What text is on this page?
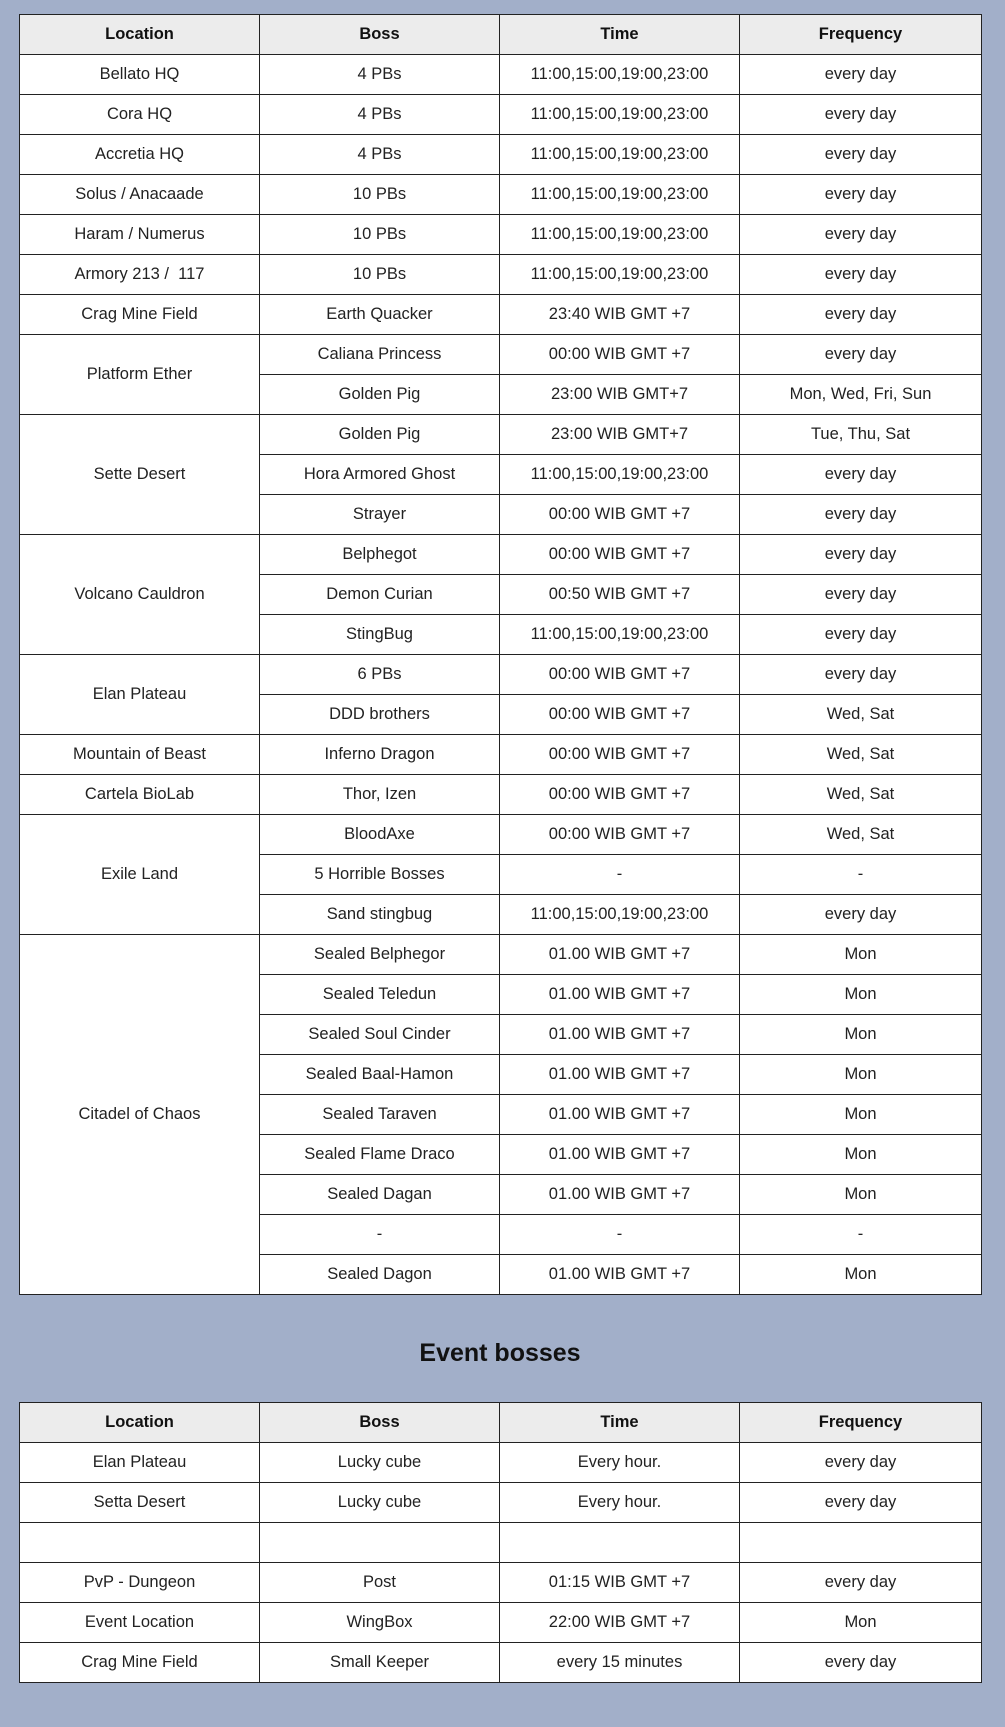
Location	Boss	Time	Frequency
Bellato HQ	4 PBs	11:00,15:00,19:00,23:00	every day
Cora HQ	4 PBs	11:00,15:00,19:00,23:00	every day
Accretia HQ	4 PBs	11:00,15:00,19:00,23:00	every day
Solus / Anacaade	10 PBs	11:00,15:00,19:00,23:00	every day
Haram / Numerus	10 PBs	11:00,15:00,19:00,23:00	every day
Armory 213 /  117	10 PBs	11:00,15:00,19:00,23:00	every day
Crag Mine Field	Earth Quacker	23:40 WIB GMT +7	every day
Platform Ether	Caliana Princess	00:00 WIB GMT +7	every day
	Golden Pig	23:00 WIB GMT+7	Mon, Wed, Fri, Sun
Sette Desert	Golden Pig	23:00 WIB GMT+7	Tue, Thu, Sat
	Hora Armored Ghost	11:00,15:00,19:00,23:00	every day
	Strayer	00:00 WIB GMT +7	every day
Volcano Cauldron	Belphegot	00:00 WIB GMT +7	every day
	Demon Curian	00:50 WIB GMT +7	every day
	StingBug	11:00,15:00,19:00,23:00	every day
Elan Plateau	6 PBs	00:00 WIB GMT +7	every day
	DDD brothers	00:00 WIB GMT +7	Wed, Sat
Mountain of Beast	Inferno Dragon	00:00 WIB GMT +7	Wed, Sat
Cartela BioLab	Thor, Izen	00:00 WIB GMT +7	Wed, Sat
Exile Land	BloodAxe	00:00 WIB GMT +7	Wed, Sat
	5 Horrible Bosses	-	-
	Sand stingbug	11:00,15:00,19:00,23:00	every day
Citadel of Chaos	Sealed Belphegor	01.00 WIB GMT +7	Mon
	Sealed Teledun	01.00 WIB GMT +7	Mon
	Sealed Soul Cinder	01.00 WIB GMT +7	Mon
	Sealed Baal-Hamon	01.00 WIB GMT +7	Mon
	Sealed Taraven	01.00 WIB GMT +7	Mon
	Sealed Flame Draco	01.00 WIB GMT +7	Mon
	Sealed Dagan	01.00 WIB GMT +7	Mon
	-	-	-
	Sealed Dagon	01.00 WIB GMT +7	Mon
Event bosses
Location	Boss	Time	Frequency
Elan Plateau	Lucky cube	Every hour.	every day
Setta Desert	Lucky cube	Every hour.	every day

PvP - Dungeon	Post	01:15 WIB GMT +7	every day
Event Location	WingBox	22:00 WIB GMT +7	Mon
Crag Mine Field	Small Keeper	every 15 minutes	every day
